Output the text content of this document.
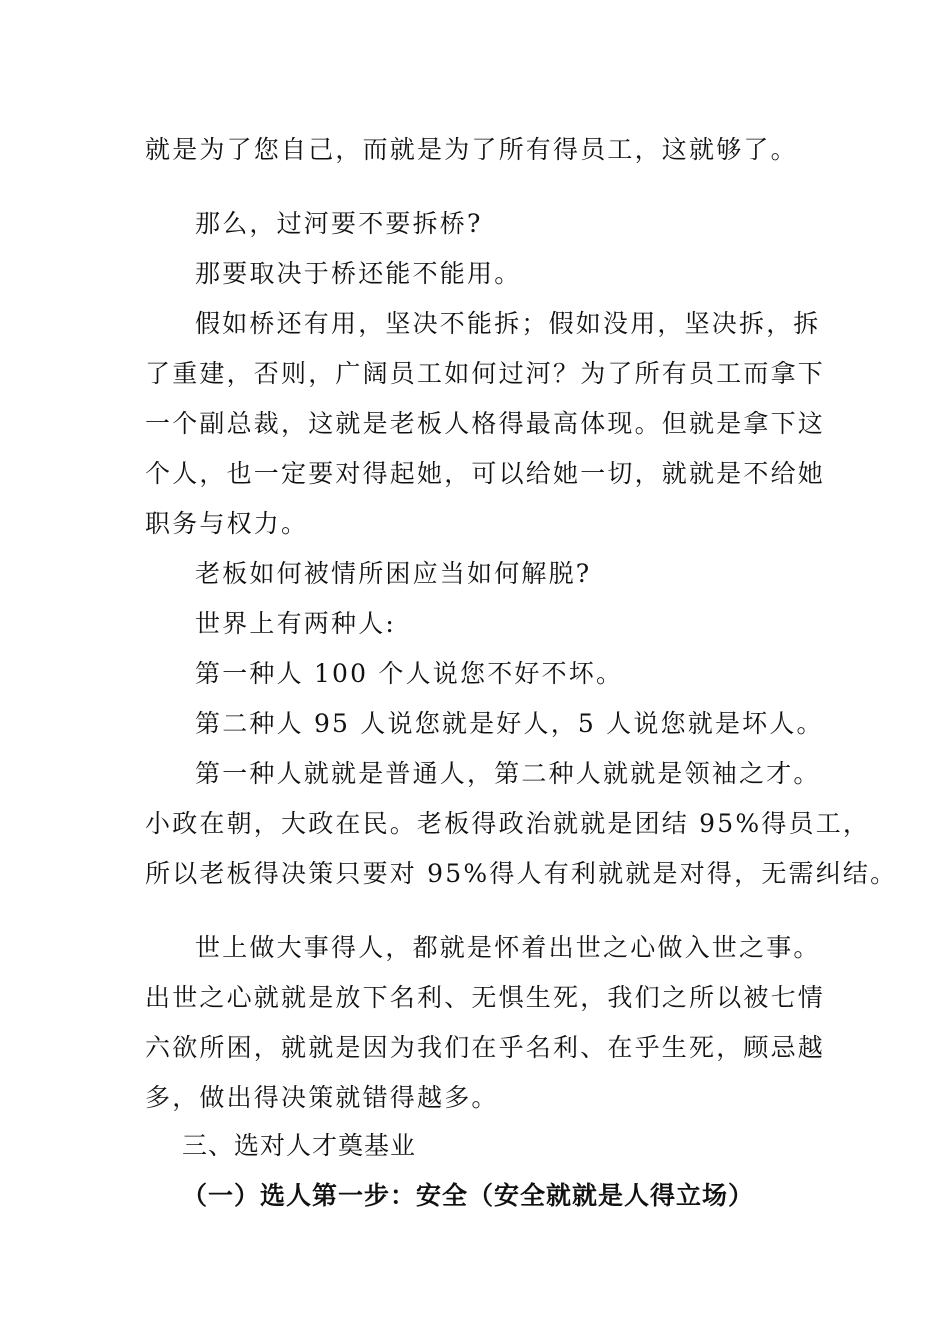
就是为了您自己，而就是为了所有得员工，这就够了。
那么，过河要不要拆桥?
那要取决于桥还能不能用。
假如桥还有用，坚决不能拆；假如没用，坚决拆，拆
了重建，否则，广阔员工如何过河？为了所有员工而拿下
一个副总裁，这就是老板人格得最高体现。但就是拿下这
个人，也一定要对得起她，可以给她一切，就就是不给她
职务与权力。
老板如何被情所困应当如何解脱?
世界上有两种人:
第一种人 100 个人说您不好不坏。
第二种人 95 人说您就是好人，5 人说您就是坏人。
第一种人就就是普通人，第二种人就就是领袖之才。
小政在朝，大政在民。老板得政治就就是团结 95%得员工，
所以老板得决策只要对 95%得人有利就就是对得，无需纠结。
世上做大事得人，都就是怀着出世之心做入世之事。
出世之心就就是放下名利、无惧生死，我们之所以被七情
六欲所困，就就是因为我们在乎名利、在乎生死，顾忌越
多，做出得决策就错得越多。
三、选对人才奠基业
（一）选人第一步：安全（安全就就是人得立场）
